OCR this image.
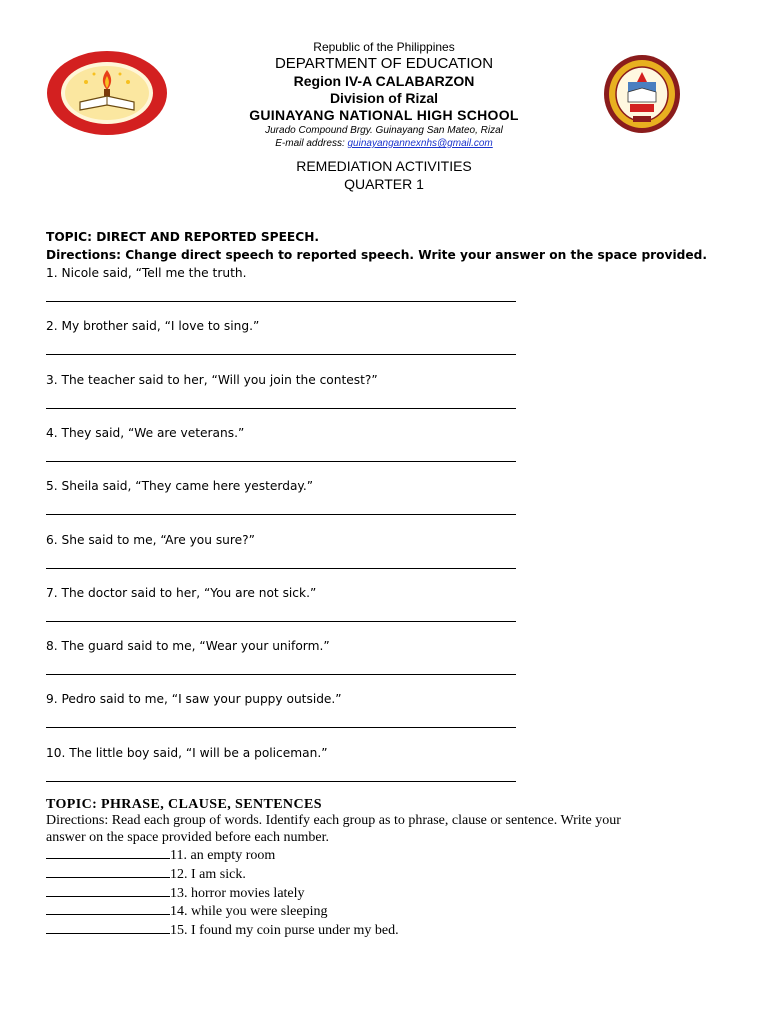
Republic of the Philippines
DEPARTMENT OF EDUCATION
Region IV-A CALABARZON
Division of Rizal
GUINAYANG NATIONAL HIGH SCHOOL
Jurado Compound Brgy. Guinayang San Mateo, Rizal
E-mail address: guinayangannexnhs@gmail.com
REMEDIATION ACTIVITIES
QUARTER 1
TOPIC: DIRECT AND REPORTED SPEECH.
Directions: Change direct speech to reported speech. Write your answer on the space provided.
1. Nicole said, “Tell me the truth.
2. My brother said, “I love to sing.”
3. The teacher said to her, “Will you join the contest?”
4. They said, “We are veterans.”
5. Sheila said, “They came here yesterday.”
6. She said to me, “Are you sure?”
7. The doctor said to her, “You are not sick.”
8. The guard said to me, “Wear your uniform.”
9. Pedro said to me, “I saw your puppy outside.”
10. The little boy said, “I will be a policeman.”
TOPIC: PHRASE, CLAUSE, SENTENCES
Directions: Read each group of words. Identify each group as to phrase, clause or sentence. Write your
answer on the space provided before each number.
11. an empty room
12. I am sick.
13. horror movies lately
14. while you were sleeping
15. I found my coin purse under my bed.
